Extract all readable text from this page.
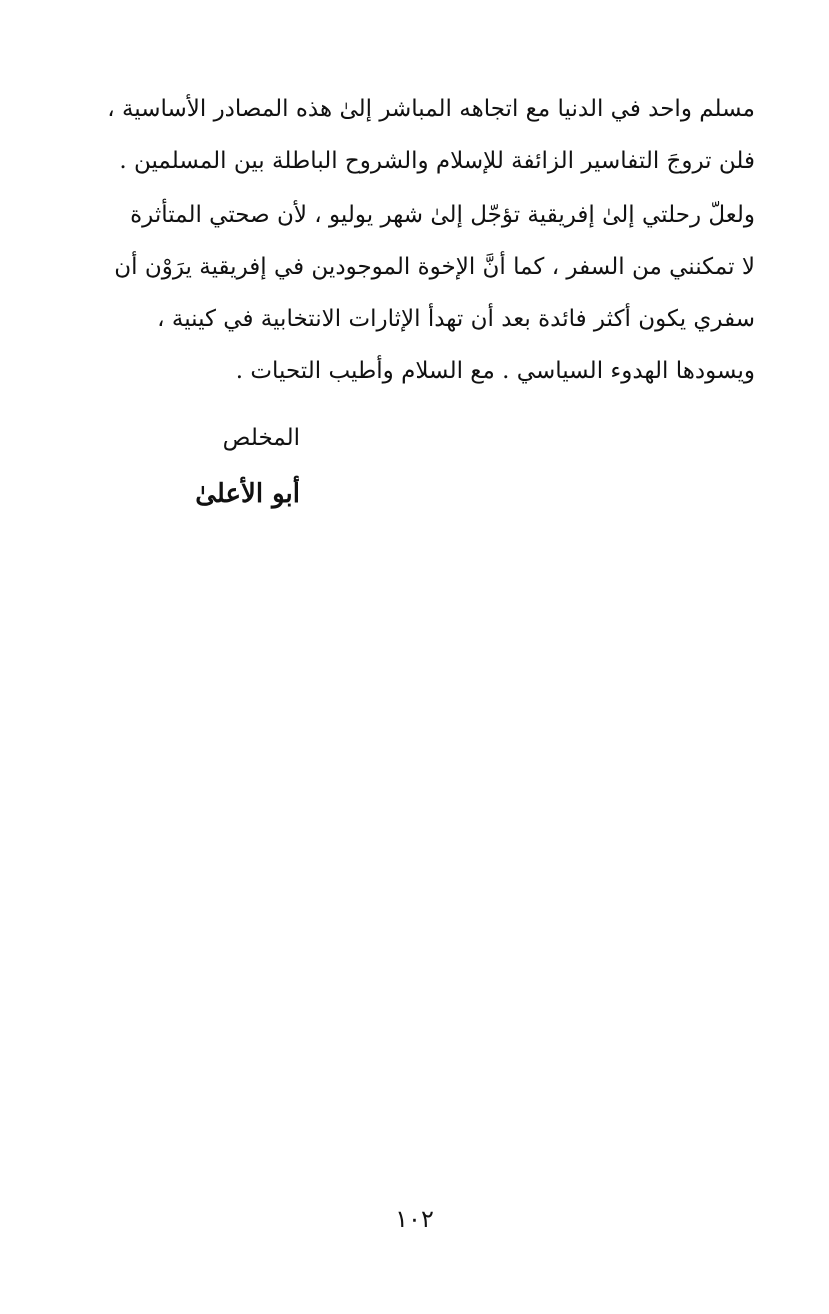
مسلم واحد في الدنيا مع اتجاهه المباشر إلىٰ هذه المصادر الأساسية ،
فلن تروجَ التفاسير الزائفة للإسلام والشروح الباطلة بين المسلمين .
ولعلّ رحلتي إلىٰ إفريقية تؤجّل إلىٰ شهر يوليو ، لأن صحتي المتأثرة
لا تمكنني من السفر ، كما أنَّ الإخوة الموجودين في إفريقية يرَوْن أن
سفري يكون أكثر فائدة بعد أن تهدأ الإثارات الانتخابية في كينية ،
ويسودها الهدوء السياسي . مع السلام وأطيب التحيات .
المخلص
أبو الأعلىٰ
١٠٢
